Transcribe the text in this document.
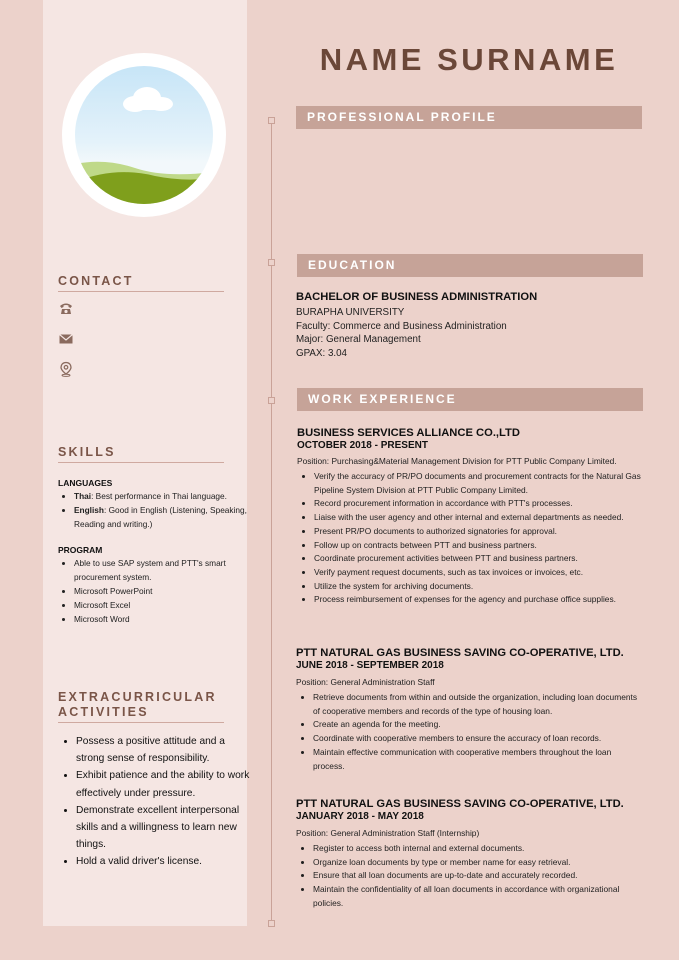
CONTACT
SKILLS
LANGUAGES
• Thai: Best performance in Thai language.
• English: Good in English (Listening, Speaking, Reading and writing.)
PROGRAM
• Able to use SAP system and PTT's smart procurement system.
• Microsoft PowerPoint
• Microsoft Excel
• Microsoft Word
EXTRACURRICULAR
ACTIVITIES
• Possess a positive attitude and a strong sense of responsibility.
• Exhibit patience and the ability to work effectively under pressure.
• Demonstrate excellent interpersonal skills and a willingness to learn new things.
• Hold a valid driver's license.
NAME SURNAME
PROFESSIONAL PROFILE
EDUCATION
BACHELOR OF BUSINESS ADMINISTRATION
BURAPHA UNIVERSITY
Faculty: Commerce and Business Administration
Major: General Management
GPAX: 3.04
WORK EXPERIENCE
BUSINESS SERVICES ALLIANCE CO.,LTD
OCTOBER 2018 - PRESENT
Position: Purchasing&Material Management Division for PTT Public Company Limited.
• Verify the accuracy of PR/PO documents and procurement contracts for the Natural Gas Pipeline System Division at PTT Public Company Limited.
• Record procurement information in accordance with PTT's processes.
• Liaise with the user agency and other internal and external departments as needed.
• Present PR/PO documents to authorized signatories for approval.
• Follow up on contracts between PTT and business partners.
• Coordinate procurement activities between PTT and business partners.
• Verify payment request documents, such as tax invoices or invoices, etc.
• Utilize the system for archiving documents.
• Process reimbursement of expenses for the agency and purchase office supplies.
PTT NATURAL GAS BUSINESS SAVING CO-OPERATIVE, LTD.
JUNE 2018 - SEPTEMBER 2018
Position: General Administration Staff
• Retrieve documents from within and outside the organization, including loan documents of cooperative members and records of the type of housing loan.
• Create an agenda for the meeting.
• Coordinate with cooperative members to ensure the accuracy of loan records.
• Maintain effective communication with cooperative members throughout the loan process.
PTT NATURAL GAS BUSINESS SAVING CO-OPERATIVE, LTD.
JANUARY 2018 - MAY 2018
Position: General Administration Staff (Internship)
• Register to access both internal and external documents.
• Organize loan documents by type or member name for easy retrieval.
• Ensure that all loan documents are up-to-date and accurately recorded.
• Maintain the confidentiality of all loan documents in accordance with organizational policies.
